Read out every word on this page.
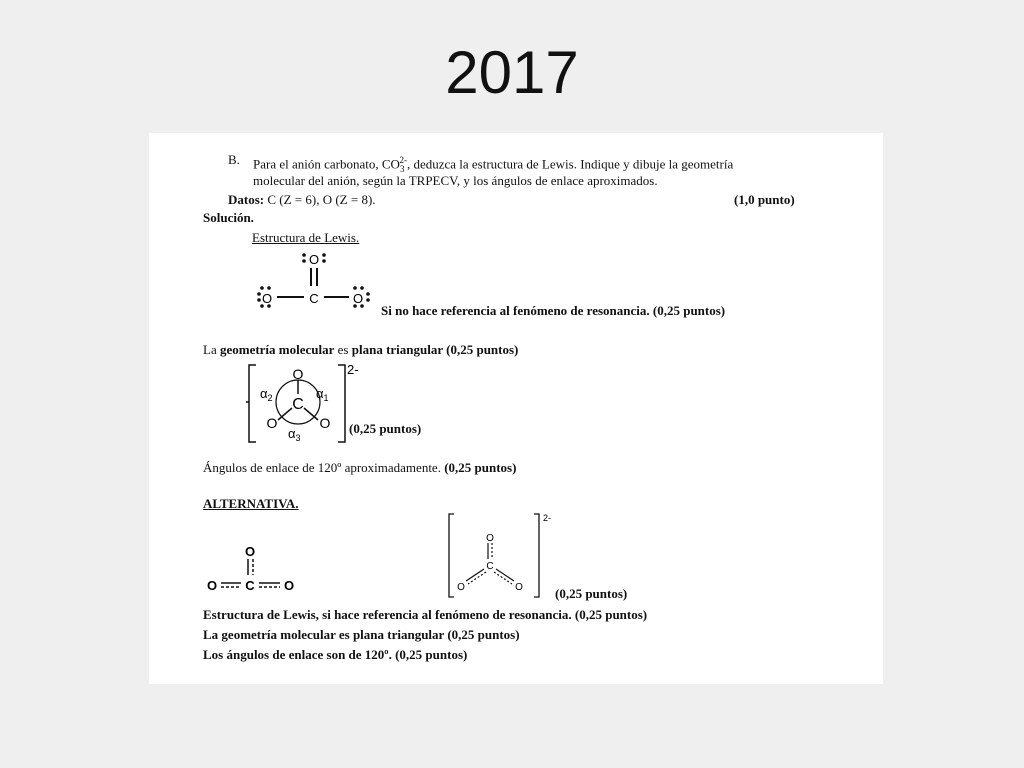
2017
B. Para el anión carbonato, $CO_3^{2-}$, deduzca la estructura de Lewis. Indique y dibuje la geometría
molecular del anión, según la TRPECV, y los ángulos de enlace aproximados.
Datos: C (Z = 6), O (Z = 8).	(1,0 punto)
Solución.
Estructura de Lewis.
O
C
O	O
Si no hace referencia al fenómeno de resonancia. (0,25 puntos)
La geometría molecular es plana triangular (0,25 puntos)
2-
O
C
O	O
$\alpha_2$	$\alpha_1$
$\alpha_3$
(0,25 puntos)
Ángulos de enlace de 120º aproximadamente. (0,25 puntos)
ALTERNATIVA.
O
C
O	O
2-
O
C
O	O (0,25 puntos)
Estructura de Lewis, si hace referencia al fenómeno de resonancia. (0,25 puntos)
La geometría molecular es plana triangular (0,25 puntos)
Los ángulos de enlace son de 120º. (0,25 puntos)
